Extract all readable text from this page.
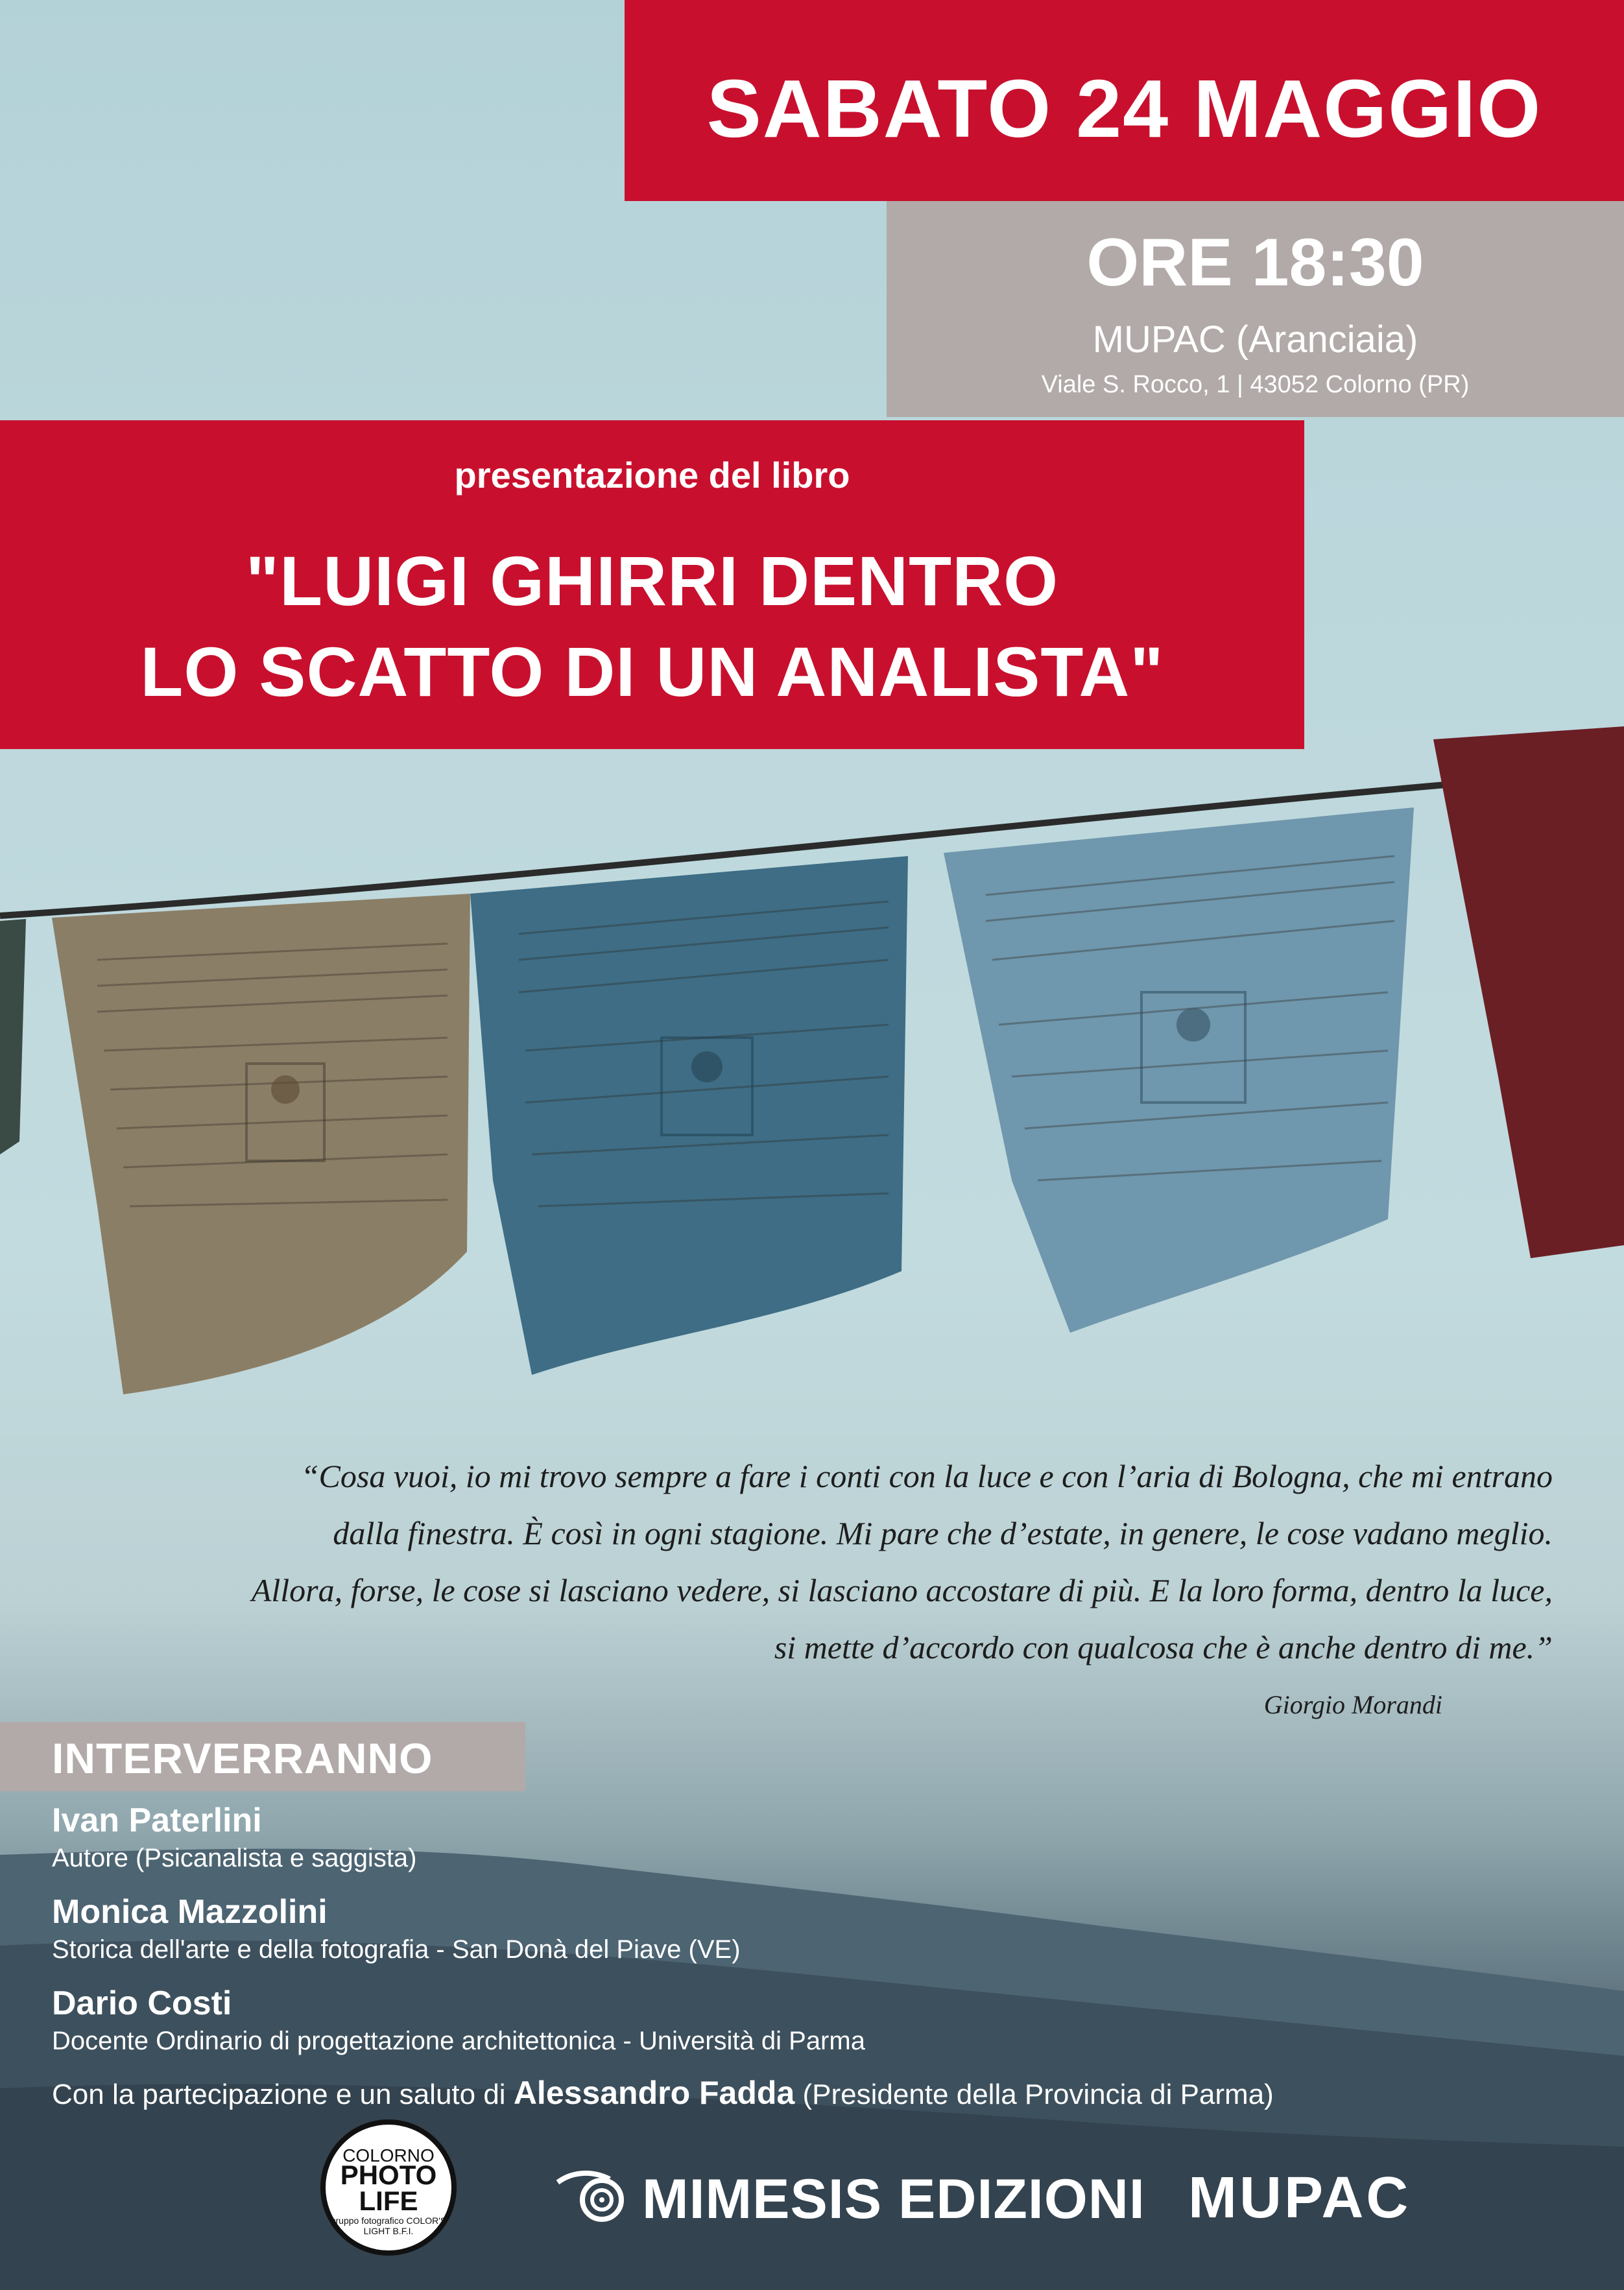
SABATO 24 MAGGIO
ORE 18:30
MUPAC (Aranciaia)
Viale S. Rocco, 1 | 43052 Colorno (PR)
presentazione del libro
"LUIGI GHIRRI DENTRO
LO SCATTO DI UN ANALISTA"
“Cosa vuoi, io mi trovo sempre a fare i conti con la luce e con l’aria di Bologna, che mi entrano
dalla finestra. È così in ogni stagione. Mi pare che d’estate, in genere, le cose vadano meglio.
Allora, forse, le cose si lasciano vedere, si lasciano accostare di più. E la loro forma, dentro la luce,
si mette d’accordo con qualcosa che è anche dentro di me.”
Giorgio Morandi
INTERVERRANNO
Ivan Paterlini
Autore (Psicanalista e saggista)
Monica Mazzolini
Storica dell'arte e della fotografia - San Donà del Piave (VE)
Dario Costi
Docente Ordinario di progettazione architettonica - Università di Parma
Con la partecipazione e un saluto di Alessandro Fadda (Presidente della Provincia di Parma)
COLORNO
PHOTO
LIFE
gruppo fotografico COLOR'S LIGHT B.F.I.
MIMESIS EDIZIONI MUPAC
